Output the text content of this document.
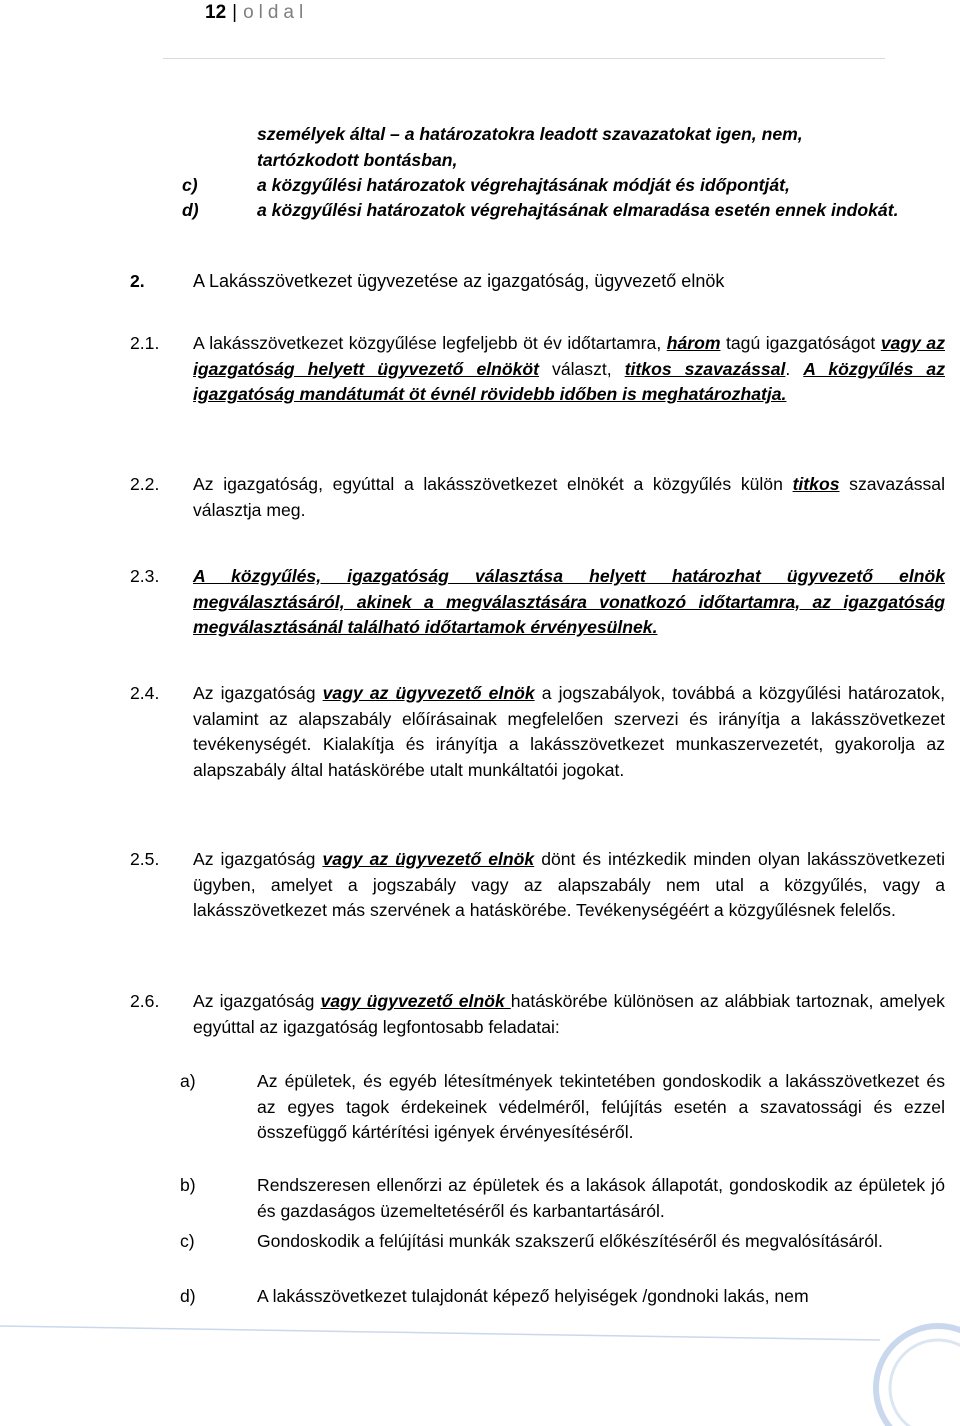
12 | oldal
személyek által – a határozatokra leadott szavazatokat igen, nem,
tartózkodott bontásban,
c)	a közgyűlési határozatok végrehajtásának módját és időpontját,
d)	a közgyűlési határozatok végrehajtásának elmaradása esetén ennek indokát.
2.	A Lakásszövetkezet ügyvezetése az igazgatóság, ügyvezető elnök
2.1. A lakásszövetkezet közgyűlése legfeljebb öt év időtartamra, három tagú igazgatóságot vagy az igazgatóság helyett ügyvezető elnököt választ, titkos szavazással. A közgyűlés az igazgatóság mandátumát öt évnél rövidebb időben is meghatározhatja.
2.2. Az igazgatóság, egyúttal a lakásszövetkezet elnökét a közgyűlés külön titkos szavazással választja meg.
2.3. A közgyűlés, igazgatóság választása helyett határozhat ügyvezető elnök megválasztásáról, akinek a megválasztására vonatkozó időtartamra, az igazgatóság megválasztásánál található időtartamok érvényesülnek.
2.4. Az igazgatóság vagy az ügyvezető elnök a jogszabályok, továbbá a közgyűlési határozatok, valamint az alapszabály előírásainak megfelelően szervezi és irányítja a lakásszövetkezet tevékenységét. Kialakítja és irányítja a lakásszövetkezet munkaszervezetét, gyakorolja az alapszabály által hatáskörébe utalt munkáltatói jogokat.
2.5. Az igazgatóság vagy az ügyvezető elnök dönt és intézkedik minden olyan lakásszövetkezeti ügyben, amelyet a jogszabály vagy az alapszabály nem utal a közgyűlés, vagy a lakásszövetkezet más szervének a hatáskörébe. Tevékenységéért a közgyűlésnek felelős.
2.6. Az igazgatóság vagy ügyvezető elnök hatáskörébe különösen az alábbiak tartoznak, amelyek egyúttal az igazgatóság legfontosabb feladatai:
a)	Az épületek, és egyéb létesítmények tekintetében gondoskodik a lakásszövetkezet és az egyes tagok érdekeinek védelméről, felújítás esetén a szavatossági és ezzel összefüggő kártérítési igények érvényesítéséről.
b)	Rendszeresen ellenőrzi az épületek és a lakások állapotát, gondoskodik az épületek jó és gazdaságos üzemeltetéséről és karbantartásáról.
c)	Gondoskodik a felújítási munkák szakszerű előkészítéséről és megvalósításáról.
d)	A lakásszövetkezet tulajdonát képező helyiségek /gondnoki lakás, nem
